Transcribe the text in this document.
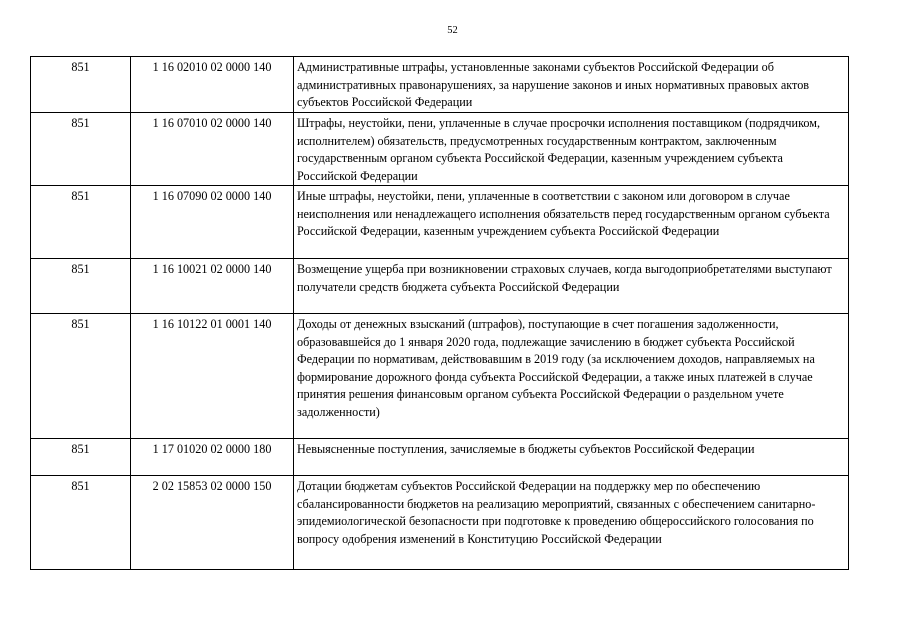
52
851	1 16 02010 02 0000 140	Административные штрафы, установленные законами субъектов Российской Федерации об административных правонарушениях, за нарушение законов и иных нормативных правовых актов субъектов Российской Федерации
851	1 16 07010 02 0000 140	Штрафы, неустойки, пени, уплаченные в случае просрочки исполнения поставщиком (подрядчиком, исполнителем) обязательств, предусмотренных государственным контрактом, заключенным государственным органом субъекта Российской Федерации, казенным учреждением субъекта Российской Федерации
851	1 16 07090 02 0000 140	Иные штрафы, неустойки, пени, уплаченные в соответствии с законом или договором в случае неисполнения или ненадлежащего исполнения обязательств перед государственным органом субъекта Российской Федерации, казенным учреждением субъекта Российской Федерации
851	1 16 10021 02 0000 140	Возмещение ущерба при возникновении страховых случаев, когда выгодоприобретателями выступают получатели средств бюджета субъекта Российской Федерации
851	1 16 10122 01 0001 140	Доходы от денежных взысканий (штрафов), поступающие в счет погашения задолженности, образовавшейся до 1 января 2020 года, подлежащие зачислению в бюджет субъекта Российской Федерации по нормативам, действовавшим в 2019 году (за исключением доходов, направляемых на формирование дорожного фонда субъекта Российской Федерации, а также иных платежей в случае принятия решения финансовым органом субъекта Российской Федерации о раздельном учете задолженности)
851	1 17 01020 02 0000 180	Невыясненные поступления, зачисляемые в бюджеты субъектов Российской Федерации
851	2 02 15853 02 0000 150	Дотации бюджетам субъектов Российской Федерации на поддержку мер по обеспечению сбалансированности бюджетов на реализацию мероприятий, связанных с обеспечением санитарно-эпидемиологической безопасности при подготовке к проведению общероссийского голосования по вопросу одобрения изменений в Конституцию Российской Федерации
